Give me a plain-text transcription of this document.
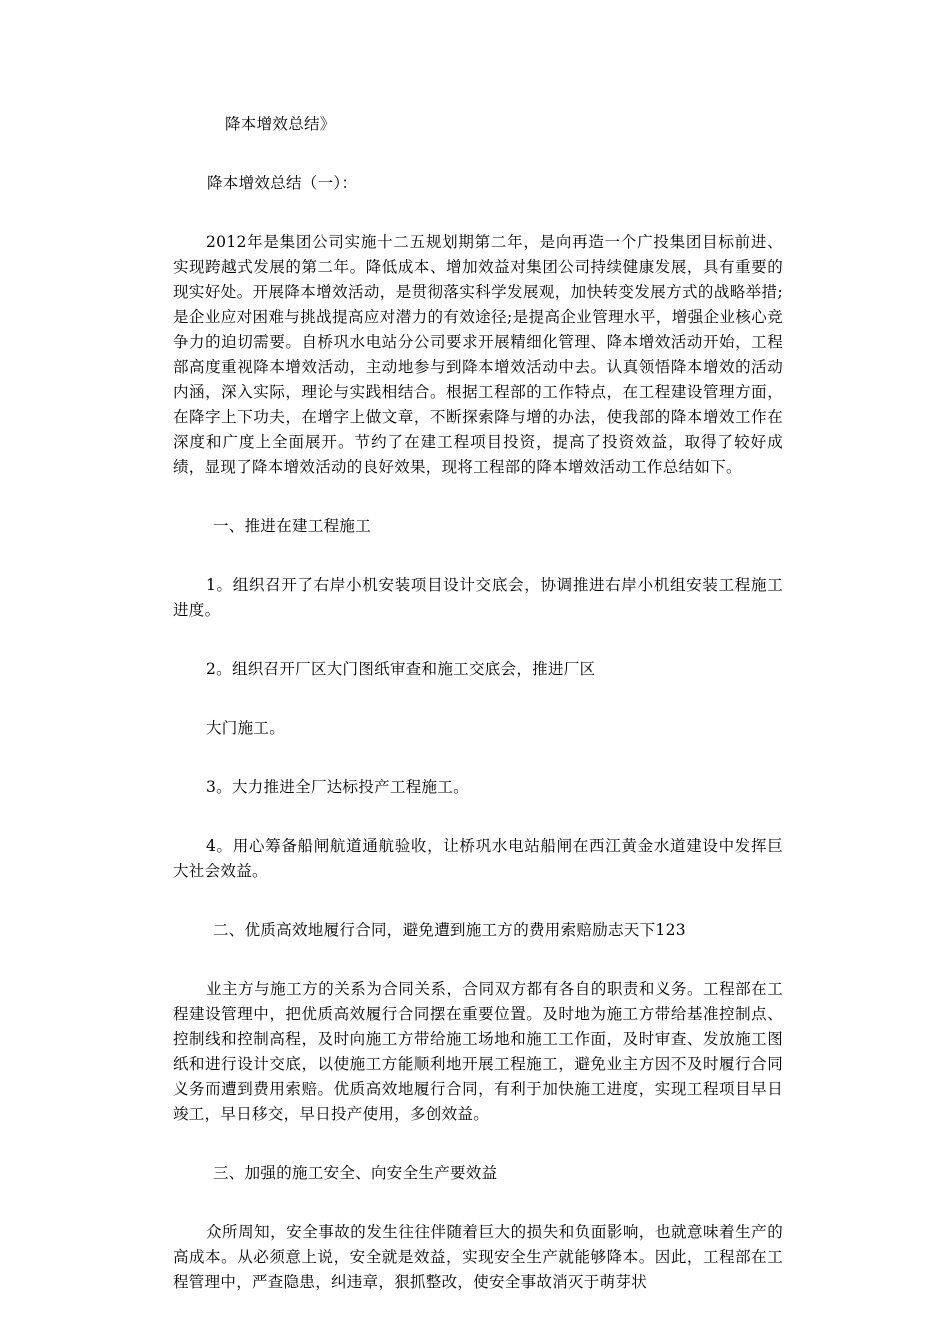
降本增效总结》
降本增效总结（一）：

2012年是集团公司实施十二五规划期第二年，是向再造一个广投集团目标前进、实现跨越式发展的第二年。降低成本、增加效益对集团公司持续健康发展，具有重要的现实好处。开展降本增效活动，是贯彻落实科学发展观，加快转变发展方式的战略举措;是企业应对困难与挑战提高应对潜力的有效途径;是提高企业管理水平，增强企业核心竞争力的迫切需要。自桥巩水电站分公司要求开展精细化管理、降本增效活动开始，工程部高度重视降本增效活动，主动地参与到降本增效活动中去。认真领悟降本增效的活动内涵，深入实际，理论与实践相结合。根据工程部的工作特点，在工程建设管理方面，在降字上下功夫，在增字上做文章，不断探索降与增的办法，使我部的降本增效工作在深度和广度上全面展开。节约了在建工程项目投资，提高了投资效益，取得了较好成绩，显现了降本增效活动的良好效果，现将工程部的降本增效活动工作总结如下。

一、推进在建工程施工

1。组织召开了右岸小机安装项目设计交底会，协调推进右岸小机组安装工程施工进度。

2。组织召开厂区大门图纸审查和施工交底会，推进厂区

大门施工。

3。大力推进全厂达标投产工程施工。

4。用心筹备船闸航道通航验收，让桥巩水电站船闸在西江黄金水道建设中发挥巨大社会效益。

二、优质高效地履行合同，避免遭到施工方的费用索赔励志天下123

业主方与施工方的关系为合同关系，合同双方都有各自的职责和义务。工程部在工程建设管理中，把优质高效履行合同摆在重要位置。及时地为施工方带给基准控制点、控制线和控制高程，及时向施工方带给施工场地和施工工作面，及时审查、发放施工图纸和进行设计交底，以使施工方能顺利地开展工程施工，避免业主方因不及时履行合同义务而遭到费用索赔。优质高效地履行合同，有利于加快施工进度，实现工程项目早日竣工，早日移交，早日投产使用，多创效益。

三、加强的施工安全、向安全生产要效益

众所周知，安全事故的发生往往伴随着巨大的损失和负面影响，也就意味着生产的高成本。从必须意上说，安全就是效益，实现安全生产就能够降本。因此，工程部在工程管理中，严查隐患，纠违章，狠抓整改，使安全事故消灭于萌芽状
